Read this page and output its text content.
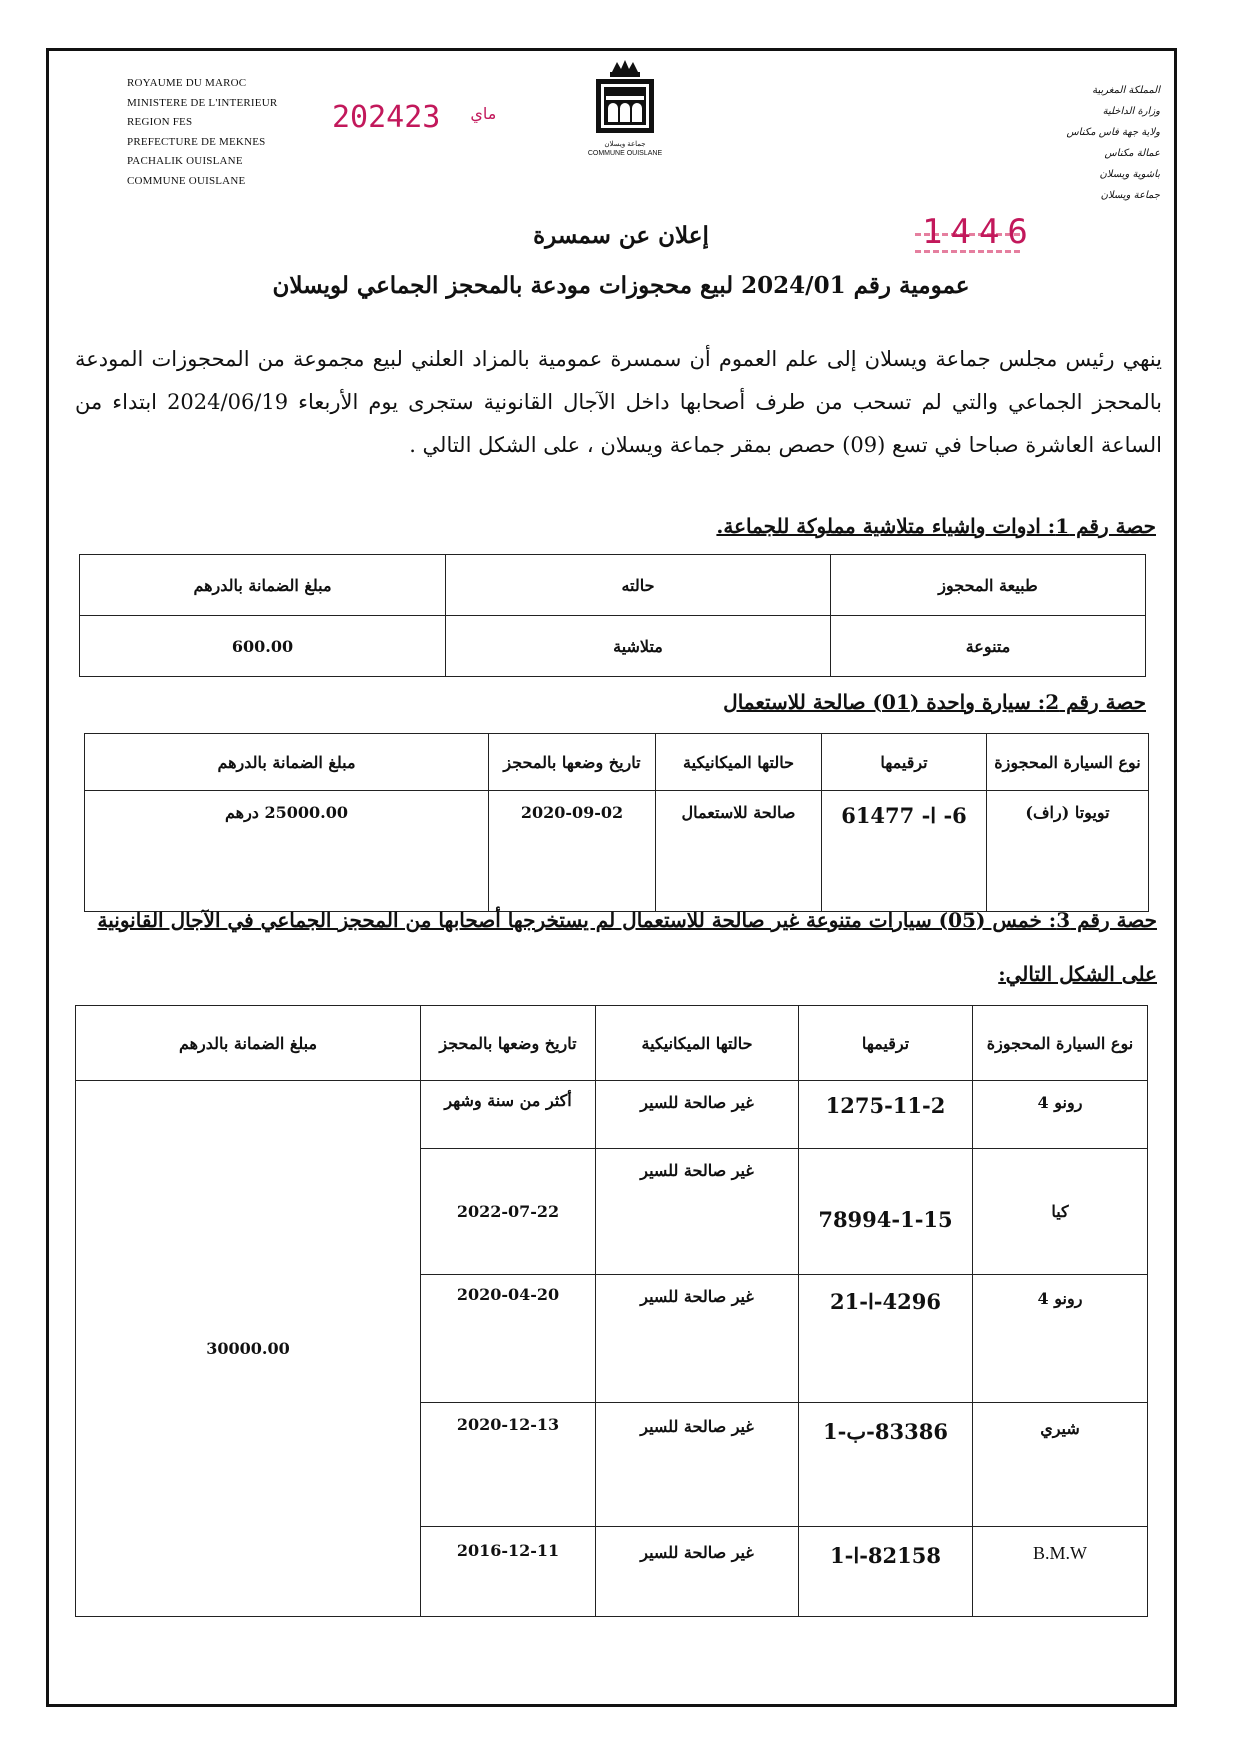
ROYAUME DU MAROC
MINISTERE DE L'INTERIEUR
REGION FES
PREFECTURE DE MEKNES
PACHALIK OUISLANE
COMMUNE OUISLANE
المملكة المغربية
وزارة الداخلية
ولاية جهة فاس مكناس
عمالة مكناس
باشوية ويسلان
جماعة ويسلان
جماعة ويسلان
COMMUNE OUISLANE
2024	$^{ماي}$23
1446
إعلان عن سمسرة
عمومية رقم 2024/01 لبيع محجوزات مودعة بالمحجز الجماعي لويسلان
ينهي رئيس مجلس جماعة ويسلان إلى علم العموم أن سمسرة عمومية بالمزاد العلني لبيع مجموعة من المحجوزات المودعة بالمحجز الجماعي والتي لم تسحب من طرف أصحابها داخل الآجال القانونية ستجرى يوم الأربعاء 2024/06/19 ابتداء من الساعة العاشرة صباحا في تسع (09) حصص بمقر جماعة ويسلان ، على الشكل التالي .
حصة رقم 1: ادوات واشياء متلاشية مملوكة للجماعة.
طبيعة المحجوز	حالته	مبلغ الضمانة بالدرهم
متنوعة	متلاشية	600.00
حصة رقم 2: سيارة واحدة (01) صالحة للاستعمال
نوع السيارة المحجوزة	ترقيمها	حالتها الميكانيكية	تاريخ وضعها بالمحجز	مبلغ الضمانة بالدرهم
تويوتا (راف)	6- ا- 61477	صالحة للاستعمال	2020-09-02	25000.00 درهم
حصة رقم 3: خمس (05) سيارات متنوعة غير صالحة للاستعمال لم يستخرجها أصحابها من المحجز الجماعي في الآجال القانونية
على الشكل التالي:
نوع السيارة المحجوزة	ترقيمها	حالتها الميكانيكية	تاريخ وضعها بالمحجز	مبلغ الضمانة بالدرهم
رونو 4	1275-11-2	غير صالحة للسير	أكثر من سنة وشهر	30000.00
كيا	78994-1-15	غير صالحة للسير	2022-07-22	
رونو 4	4296-ا-21	غير صالحة للسير	2020-04-20	
شيري	83386-ب-1	غير صالحة للسير	2020-12-13	
B.M.W	82158-ا-1	غير صالحة للسير	2016-12-11	
